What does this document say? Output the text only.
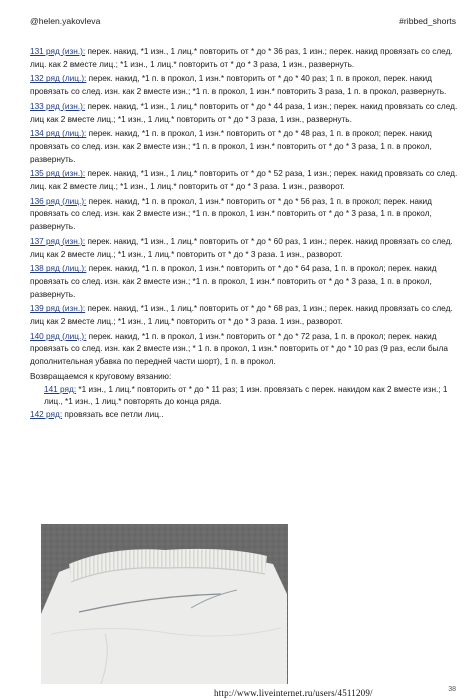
@helen.yakovleva	#ribbed_shorts
131 ряд (изн.): перек. накид, *1 изн., 1 лиц.* повторить от * до * 36 раз, 1 изн.; перек. накид провязать со след. лиц. как 2 вместе лиц.; *1 изн., 1 лиц.* повторить от * до * 3 раза, 1 изн., развернуть.
132 ряд (лиц.): перек. накид, *1 п. в прокол, 1 изн.* повторить от * до * 40 раз; 1 п. в прокол, перек. накид провязать со след. изн. как 2 вместе изн.; *1 п. в прокол, 1 изн.* повторить 3 раза, 1 п. в прокол, развернуть.
133 ряд (изн.): перек. накид, *1 изн., 1 лиц.* повторить от * до * 44 раза, 1 изн.; перек. накид провязать со след. лиц как 2 вместе лиц.; *1 изн., 1 лиц.* повторить от * до * 3 раза, 1 изн., развернуть.
134 ряд (лиц.): перек. накид, *1 п. в прокол, 1 изн.* повторить от * до * 48 раз, 1 п. в прокол; перек. накид провязать со след. изн. как 2 вместе изн.; *1 п. в прокол, 1 изн.* повторить от * до * 3 раза, 1 п. в прокол, развернуть.
135 ряд (изн.): перек. накид, *1 изн., 1 лиц.* повторить от * до * 52 раза, 1 изн.; перек. накид провязать со след. лиц. как 2 вместе лиц.; *1 изн., 1 лиц.* повторить от * до * 3 раза. 1 изн., разворот.
136 ряд (лиц.): перек. накид, *1 п. в прокол, 1 изн.* повторить от * до * 56 раз, 1 п. в прокол; перек. накид провязать со след. изн. как 2 вместе изн.; *1 п. в прокол, 1 изн.* повторить от * до * 3 раза, 1 п. в прокол, развернуть.
137 ряд (изн.): перек. накид, *1 изн., 1 лиц.* повторить от * до * 60 раз, 1 изн.; перек. накид провязать со след. лиц как 2 вместе лиц.; *1 изн., 1 лиц.* повторить от * до * 3 раза. 1 изн., разворот.
138 ряд (лиц.): перек. накид, *1 п. в прокол, 1 изн.* повторить от * до * 64 раза, 1 п. в прокол; перек. накид провязать со след. изн. как 2 вместе изн.; *1 п. в прокол, 1 изн.* повторить от * до * 3 раза, 1 п. в прокол, развернуть.
139 ряд (изн.): перек. накид, *1 изн., 1 лиц.* повторить от * до * 68 раз, 1 изн.; перек. накид провязать со след. лиц как 2 вместе лиц.; *1 изн., 1 лиц.* повторить от * до * 3 раза. 1 изн., разворот.
140 ряд (лиц.): перек. накид, *1 п. в прокол, 1 изн.* повторить от * до * 72 раза, 1 п. в прокол; перек. накид провязать со след. изн. как 2 вместе изн.; * 1 п. в прокол, 1 изн.* повторить от * до * 10 раз (9 раз, если была дополнительная убавка по передней части шорт), 1 п. в прокол.
Возвращаемся к круговому вязанию:
141 ряд: *1 изн., 1 лиц.* повторить от * до * 11 раз; 1 изн. провязать с перек. накидом как 2 вместе изн.; 1 лиц., *1 изн., 1 лиц.* повторять до конца ряда.
142 ряд: провязать все петли лиц..
38
http://www.liveinternet.ru/users/4511209/
